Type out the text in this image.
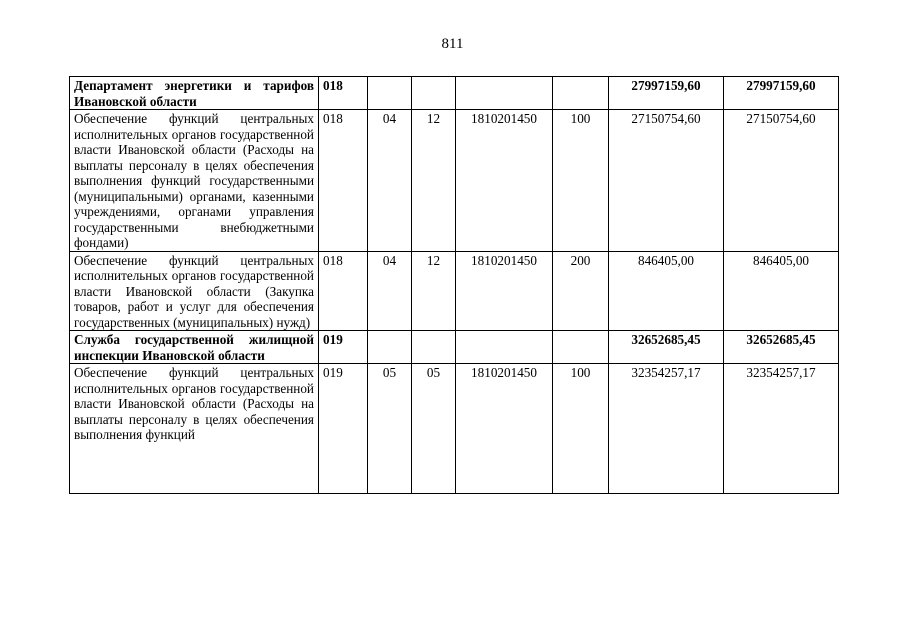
811
Департамент энергетики и тарифов Ивановской области	018					27997159,60	27997159,60
Обеспечение функций центральных исполнительных органов государственной власти Ивановской области (Расходы на выплаты персоналу в целях обеспечения выполнения функций государственными (муниципальными) органами, казенными учреждениями, органами управления государственными внебюджетными фондами)	018	04	12	1810201450	100	27150754,60	27150754,60
Обеспечение функций центральных исполнительных органов государственной власти Ивановской области (Закупка товаров, работ и услуг для обеспечения государственных (муниципальных) нужд)	018	04	12	1810201450	200	846405,00	846405,00
Служба государственной жилищной инспекции Ивановской области	019					32652685,45	32652685,45

Обеспечение функций центральных исполнительных органов государственной власти Ивановской области (Расходы на выплаты персоналу в целях обеспечения выполнения функций	019	05	05	1810201450	100	32354257,17	32354257,17
